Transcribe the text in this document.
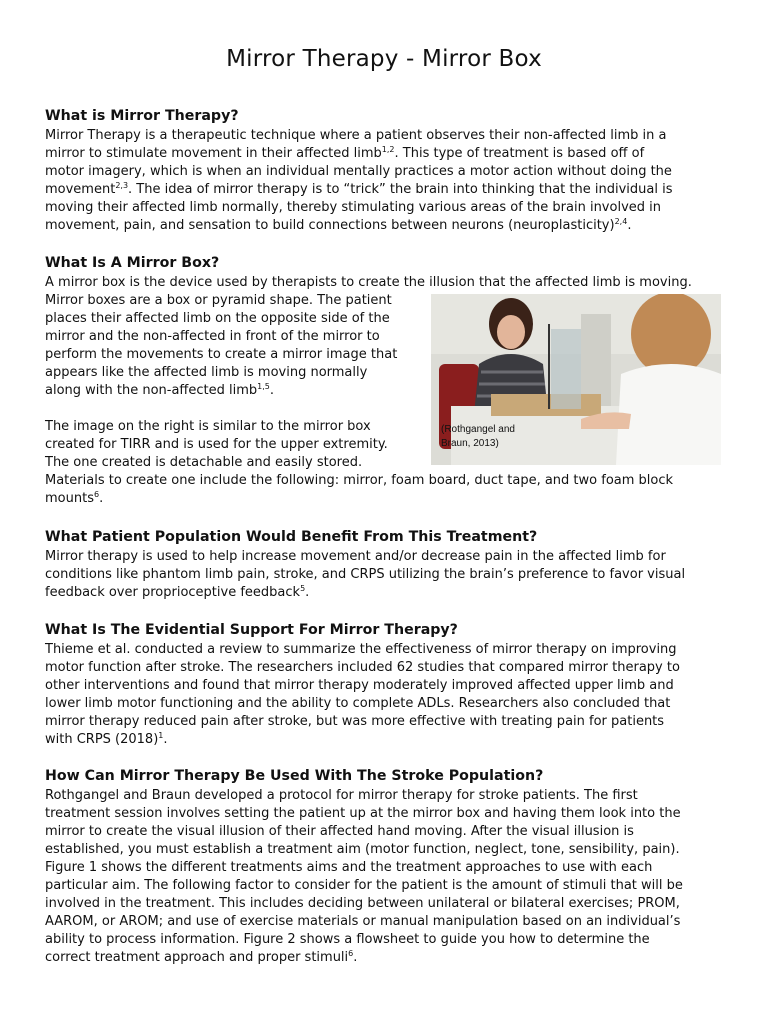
Mirror Therapy - Mirror Box
What is Mirror Therapy?
Mirror Therapy is a therapeutic technique where a patient observes their non-affected limb in a
mirror to stimulate movement in their affected limb$^{1,2}$. This type of treatment is based off of
motor imagery, which is when an individual mentally practices a motor action without doing the
movement$^{2,3}$. The idea of mirror therapy is to “trick” the brain into thinking that the individual is
moving their affected limb normally, thereby stimulating various areas of the brain involved in
movement, pain, and sensation to build connections between neurons (neuroplasticity)$^{2,4}$.
What Is A Mirror Box?
A mirror box is the device used by therapists to create the illusion that the affected limb is moving.
Mirror boxes are a box or pyramid shape. The patient
places their affected limb on the opposite side of the
mirror and the non-affected in front of the mirror to
perform the movements to create a mirror image that
appears like the affected limb is moving normally
along with the non-affected limb$^{1,5}$.
The image on the right is similar to the mirror box
created for TIRR and is used for the upper extremity.
The one created is detachable and easily stored.
Materials to create one include the following: mirror, foam board, duct tape, and two foam block
mounts$^6$.
(Rothgangel and
Braun, 2013)
What Patient Population Would Benefit From This Treatment?
Mirror therapy is used to help increase movement and/or decrease pain in the affected limb for
conditions like phantom limb pain, stroke, and CRPS utilizing the brain’s preference to favor visual
feedback over proprioceptive feedback$^5$.
What Is The Evidential Support For Mirror Therapy?
Thieme et al. conducted a review to summarize the effectiveness of mirror therapy on improving
motor function after stroke. The researchers included 62 studies that compared mirror therapy to
other interventions and found that mirror therapy moderately improved affected upper limb and
lower limb motor functioning and the ability to complete ADLs. Researchers also concluded that
mirror therapy reduced pain after stroke, but was more effective with treating pain for patients
with CRPS $(2018)^1$.
How Can Mirror Therapy Be Used With The Stroke Population?
Rothgangel and Braun developed a protocol for mirror therapy for stroke patients. The first
treatment session involves setting the patient up at the mirror box and having them look into the
mirror to create the visual illusion of their affected hand moving. After the visual illusion is
established, you must establish a treatment aim (motor function, neglect, tone, sensibility, pain).
Figure 1 shows the different treatments aims and the treatment approaches to use with each
particular aim. The following factor to consider for the patient is the amount of stimuli that will be
involved in the treatment. This includes deciding between unilateral or bilateral exercises; PROM,
AAROM, or AROM; and use of exercise materials or manual manipulation based on an individual’s
ability to process information. Figure 2 shows a flowsheet to guide you how to determine the
correct treatment approach and proper stimuli$^6$.
